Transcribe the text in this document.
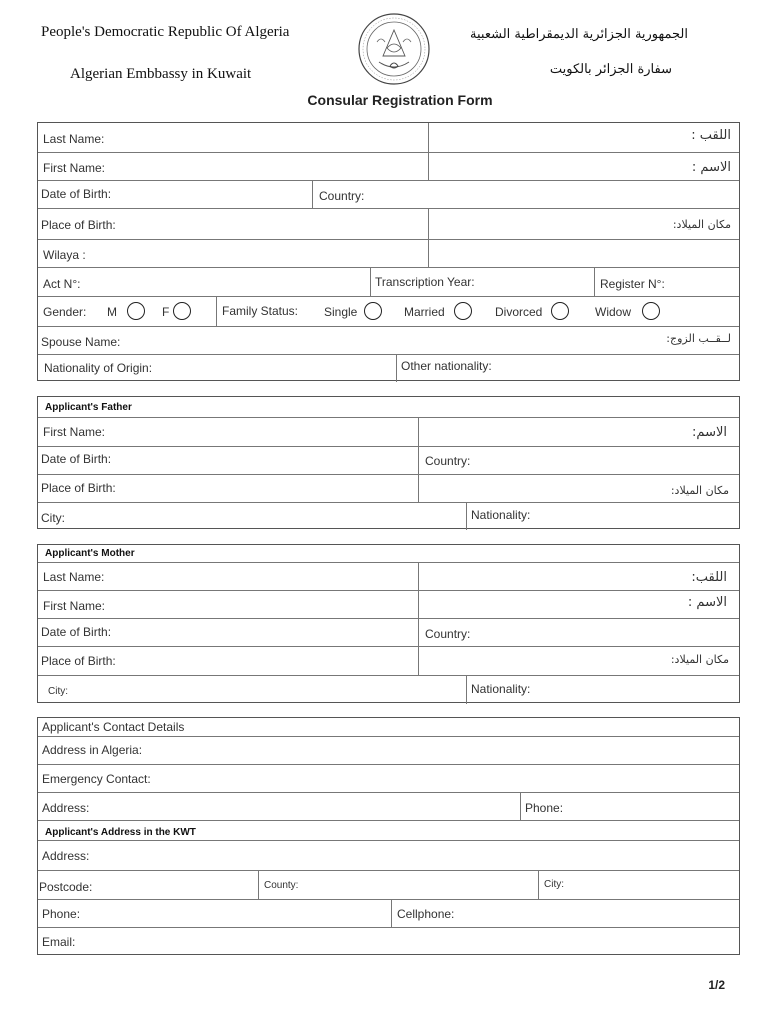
People's Democratic Republic Of Algeria
Algerian Embbassy in Kuwait
الجمهورية الجزائرية الديمقراطية الشعبية
سفارة الجزائر بالكويت
Consular Registration Form
Last Name:	اللقب :
First Name:	الاسم :
Date of Birth:	Country:
Place of Birth:	مكان الميلاد:
Wilaya :
Act N°:	Transcription Year:	Register N°:
Gender: M	F	Family Status: Single	Married	Divorced	Widow
Spouse Name:	لــقــب الزوج:
Nationality of Origin:	Other nationality:
Applicant's Father
First Name:	الاسم:
Date of Birth:	Country:
Place of Birth:	مكان الميلاد:
City:	Nationality:
Applicant's Mother
Last Name:	اللقب:
First Name:	الاسم :
Date of Birth:	Country:
Place of Birth:	مكان الميلاد:
City:	Nationality:
Applicant's Contact Details
Address in Algeria:
Emergency Contact:
Address:	Phone:
Applicant's Address in the KWT
Address:
Postcode:	County:	City:
Phone:	Cellphone:
Email:
1/2
